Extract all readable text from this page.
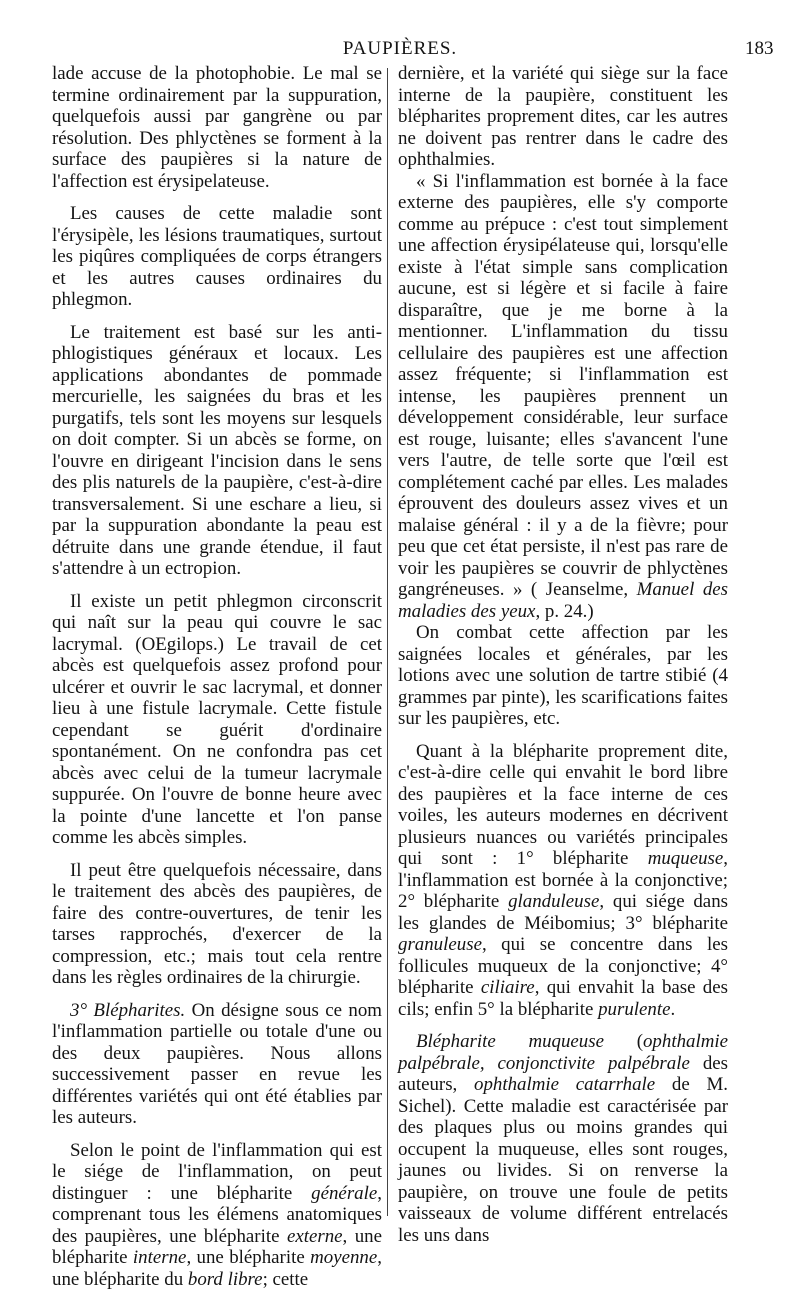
PAUPIÈRES.	183
lade accuse de la photophobie. Le mal se termine ordinairement par la suppuration, quelquefois aussi par gangrène ou par résolution. Des phlyctènes se forment à la surface des paupières si la nature de l'affection est érysipelateuse.
Les causes de cette maladie sont l'érysipèle, les lésions traumatiques, surtout les piqûres compliquées de corps étrangers et les autres causes ordinaires du phlegmon.
Le traitement est basé sur les anti-phlogistiques généraux et locaux. Les applications abondantes de pommade mercurielle, les saignées du bras et les purgatifs, tels sont les moyens sur lesquels on doit compter. Si un abcès se forme, on l'ouvre en dirigeant l'incision dans le sens des plis naturels de la paupière, c'est-à-dire transversalement. Si une eschare a lieu, si par la suppuration abondante la peau est détruite dans une grande étendue, il faut s'attendre à un ectropion.
Il existe un petit phlegmon circonscrit qui naît sur la peau qui couvre le sac lacrymal. (OEgilops.) Le travail de cet abcès est quelquefois assez profond pour ulcérer et ouvrir le sac lacrymal, et donner lieu à une fistule lacrymale. Cette fistule cependant se guérit d'ordinaire spontanément. On ne confondra pas cet abcès avec celui de la tumeur lacrymale suppurée. On l'ouvre de bonne heure avec la pointe d'une lancette et l'on panse comme les abcès simples.
Il peut être quelquefois nécessaire, dans le traitement des abcès des paupières, de faire des contre-ouvertures, de tenir les tarses rapprochés, d'exercer de la compression, etc.; mais tout cela rentre dans les règles ordinaires de la chirurgie.
3° Blépharites. On désigne sous ce nom l'inflammation partielle ou totale d'une ou des deux paupières. Nous allons successivement passer en revue les différentes variétés qui ont été établies par les auteurs.
Selon le point de l'inflammation qui est le siége de l'inflammation, on peut distinguer : une blépharite générale, comprenant tous les élémens anatomiques des paupières, une blépharite externe, une blépharite interne, une blépharite moyenne, une blépharite du bord libre; cette
dernière, et la variété qui siège sur la face interne de la paupière, constituent les blépharites proprement dites, car les autres ne doivent pas rentrer dans le cadre des ophthalmies.
« Si l'inflammation est bornée à la face externe des paupières, elle s'y comporte comme au prépuce : c'est tout simplement une affection érysipélateuse qui, lorsqu'elle existe à l'état simple sans complication aucune, est si légère et si facile à faire disparaître, que je me borne à la mentionner. L'inflammation du tissu cellulaire des paupières est une affection assez fréquente; si l'inflammation est intense, les paupières prennent un développement considérable, leur surface est rouge, luisante; elles s'avancent l'une vers l'autre, de telle sorte que l'œil est complétement caché par elles. Les malades éprouvent des douleurs assez vives et un malaise général : il y a de la fièvre; pour peu que cet état persiste, il n'est pas rare de voir les paupières se couvrir de phlyctènes gangréneuses. » ( Jeanselme, Manuel des maladies des yeux, p. 24.)
On combat cette affection par les saignées locales et générales, par les lotions avec une solution de tartre stibié (4 grammes par pinte), les scarifications faites sur les paupières, etc.
Quant à la blépharite proprement dite, c'est-à-dire celle qui envahit le bord libre des paupières et la face interne de ces voiles, les auteurs modernes en décrivent plusieurs nuances ou variétés principales qui sont : 1° blépharite muqueuse, l'inflammation est bornée à la conjonctive; 2° blépharite glanduleuse, qui siége dans les glandes de Méibomius; 3° blépharite granuleuse, qui se concentre dans les follicules muqueux de la conjonctive; 4° blépharite ciliaire, qui envahit la base des cils; enfin 5° la blépharite purulente.
Blépharite muqueuse (ophthalmie palpébrale, conjonctivite palpébrale des auteurs, ophthalmie catarrhale de M. Sichel). Cette maladie est caractérisée par des plaques plus ou moins grandes qui occupent la muqueuse, elles sont rouges, jaunes ou livides. Si on renverse la paupière, on trouve une foule de petits vaisseaux de volume différent entrelacés les uns dans
